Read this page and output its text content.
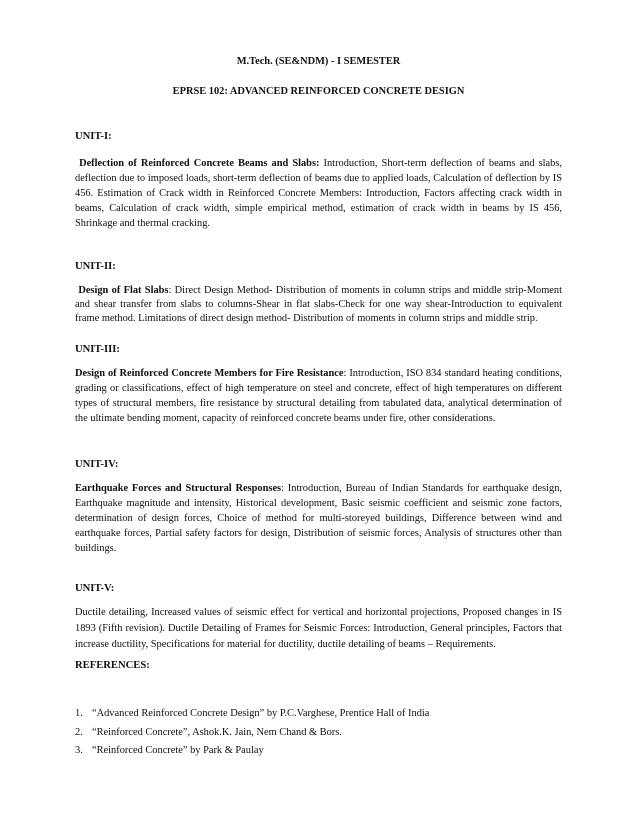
M.Tech. (SE&NDM) - I SEMESTER
EPRSE 102: ADVANCED REINFORCED CONCRETE DESIGN
UNIT-I:
Deflection of Reinforced Concrete Beams and Slabs: Introduction, Short-term deflection of beams and slabs,
deflection due to imposed loads, short-term deflection of beams due to applied loads, Calculation of deflection by IS
456. Estimation of Crack width in Reinforced Concrete Members: Introduction, Factors affecting crack width in
beams, Calculation of crack width, simple empirical method, estimation of crack width in beams by IS 456,
Shrinkage and thermal cracking.
UNIT-II:
Design of Flat Slabs: Direct Design Method- Distribution of moments in column strips and middle strip-Moment
and shear transfer from slabs to columns-Shear in flat slabs-Check for one way shear-Introduction to equivalent
frame method. Limitations of direct design method- Distribution of moments in column strips and middle strip.
UNIT-III:
Design of Reinforced Concrete Members for Fire Resistance: Introduction, ISO 834 standard heating conditions,
grading or classifications, effect of high temperature on steel and concrete, effect of high temperatures on different
types of structural members, fire resistance by structural detailing from tabulated data, analytical determination of
the ultimate bending moment, capacity of reinforced concrete beams under fire, other considerations.
UNIT-IV:
Earthquake Forces and Structural Responses: Introduction, Bureau of Indian Standards for earthquake design,
Earthquake magnitude and intensity, Historical development, Basic seismic coefficient and seismic zone factors,
determination of design forces, Choice of method for multi-storeyed buildings, Difference between wind and
earthquake forces, Partial safety factors for design, Distribution of seismic forces, Analysis of structures other than
buildings.
UNIT-V:
Ductile detailing, Increased values of seismic effect for vertical and horizontal projections, Proposed changes in IS
1893 (Fifth revision). Ductile Detailing of Frames for Seismic Forces: Introduction, General principles, Factors that
increase ductility, Specifications for material for ductility, ductile detailing of beams – Requirements.
REFERENCES:
1. “Advanced Reinforced Concrete Design” by P.C.Varghese, Prentice Hall of India
2. “Reinforced Concrete”, Ashok.K. Jain, Nem Chand & Bors.
3. “Reinforced Concrete” by Park & Paulay
